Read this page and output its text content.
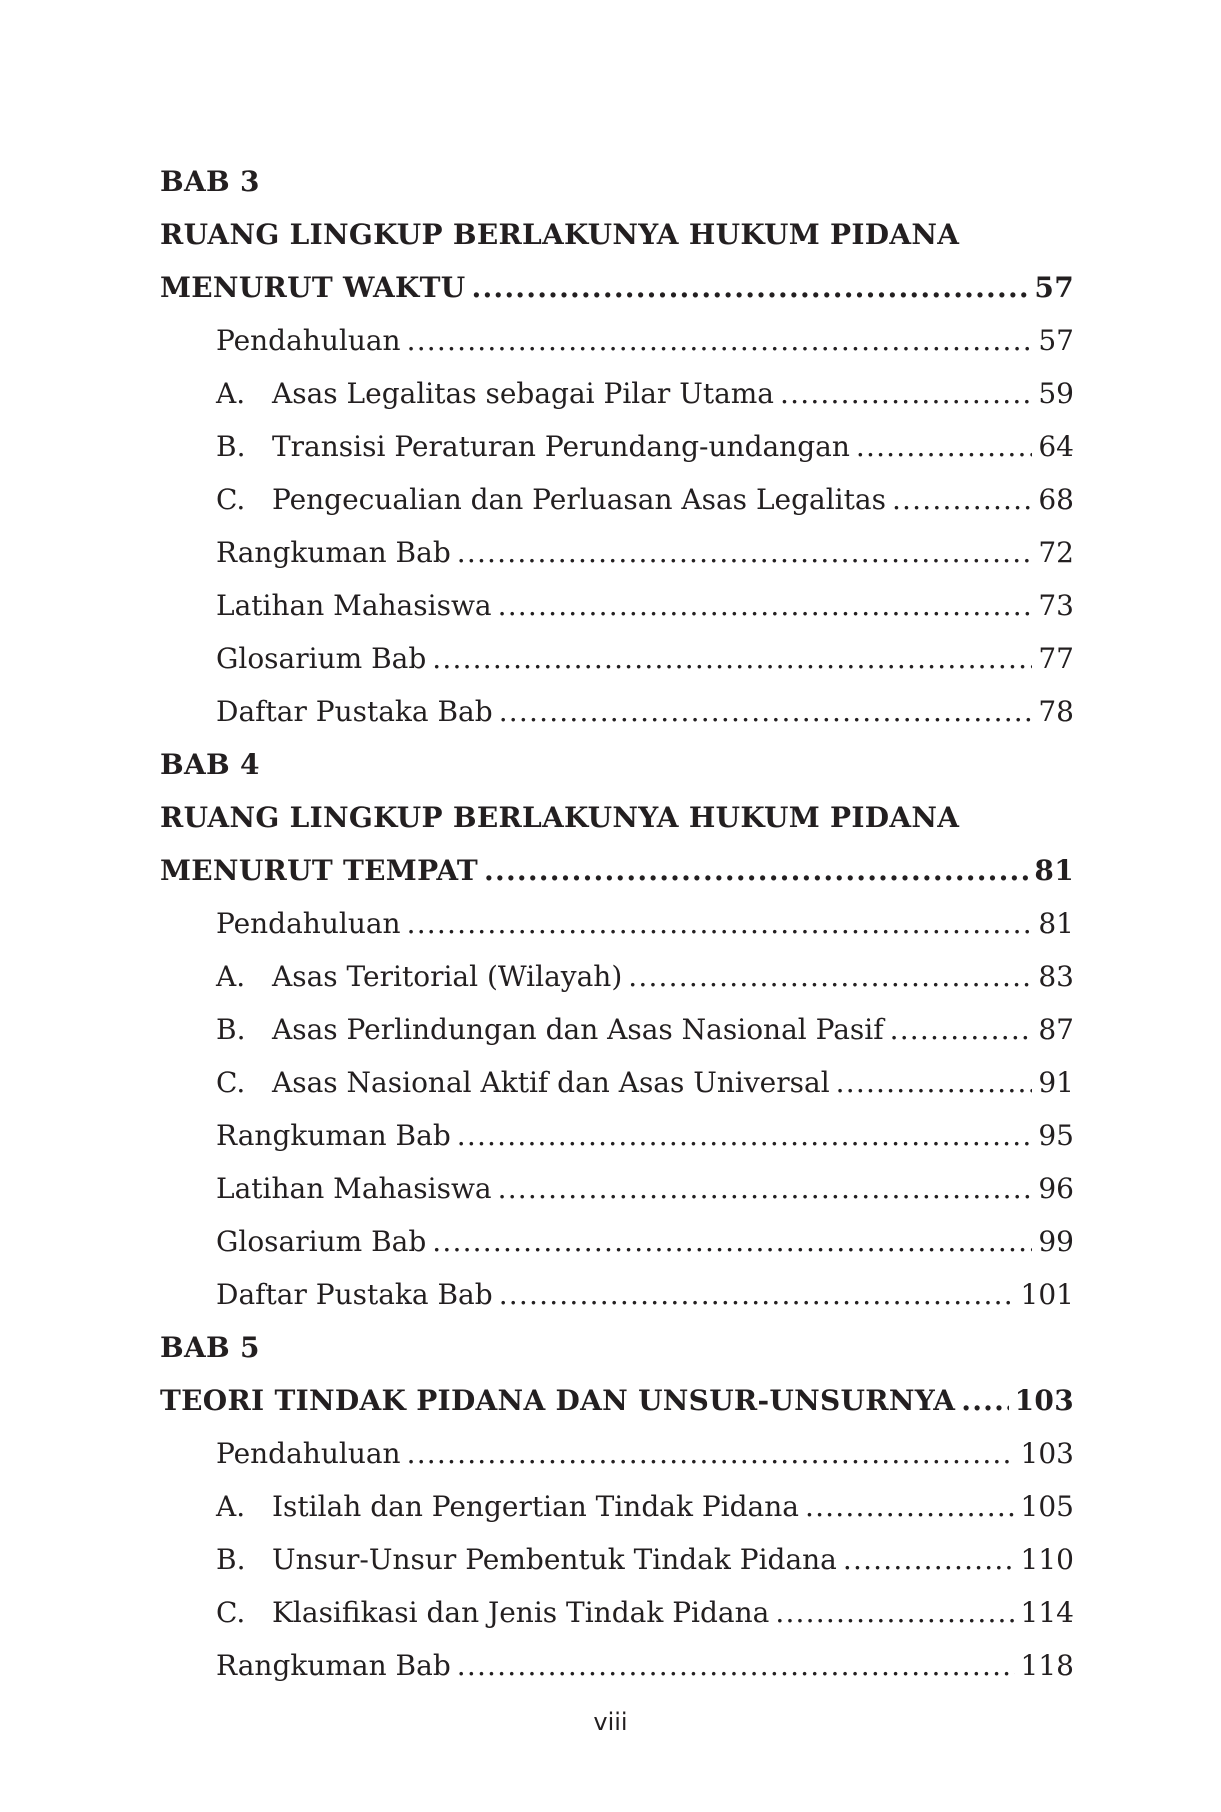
BAB 3
RUANG LINGKUP BERLAKUNYA HUKUM PIDANA
MENURUT WAKTU .....	57
Pendahuluan .....	57
A. Asas Legalitas sebagai Pilar Utama .....	59
B. Transisi Peraturan Perundang-undangan .....	64
C. Pengecualian dan Perluasan Asas Legalitas .....	68
Rangkuman Bab .....	72
Latihan Mahasiswa .....	73
Glosarium Bab .....	77
Daftar Pustaka Bab .....	78
BAB 4
RUANG LINGKUP BERLAKUNYA HUKUM PIDANA
MENURUT TEMPAT .....	81
Pendahuluan .....	81
A. Asas Teritorial (Wilayah) .....	83
B. Asas Perlindungan dan Asas Nasional Pasif .....	87
C. Asas Nasional Aktif dan Asas Universal .....	91
Rangkuman Bab .....	95
Latihan Mahasiswa .....	96
Glosarium Bab .....	99
Daftar Pustaka Bab .....	101
BAB 5
TEORI TINDAK PIDANA DAN UNSUR-UNSURNYA ..... 103
Pendahuluan .....	103
A. Istilah dan Pengertian Tindak Pidana .....	105
B. Unsur-Unsur Pembentuk Tindak Pidana .....	110
C. Klasifikasi dan Jenis Tindak Pidana .....	114
Rangkuman Bab .....	118
viii
